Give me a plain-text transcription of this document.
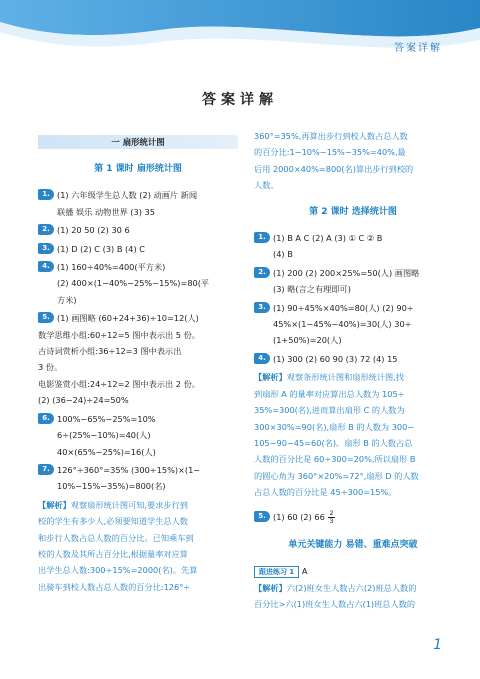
答案详解
答案详解
一 扇形统计图
第 1 课时 扇形统计图
1. (1) 六年级学生总人数 (2) 动画片 新闻
联播 娱乐 动物世界 (3) 35
2. (1) 20 50 (2) 30 6
3. (1) D (2) C (3) B (4) C
4. (1) 160÷40%=400(平方米)
(2) 400×(1−40%−25%−15%)=80(平
方米)
5. (1) 画图略 (60+24+36)÷10=12(人)
数学思维小组:60÷12=5 图中表示出 5 份。
古诗词赏析小组:36÷12=3 图中表示出
3 份。
电影鉴赏小组:24÷12=2 图中表示出 2 份。
(2) (36−24)÷24=50%
6. 100%−65%−25%=10%
6÷(25%−10%)=40(人)
40×(65%−25%)=16(人)
7. 126°÷360°=35% (300÷15%)×(1−
10%−15%−35%)=800(名)
【解析】观察扇形统计图可知,要求步行到
校的学生有多少人,必须要知道学生总人数
和步行人数占总人数的百分比。已知乘车到
校的人数及其所占百分比,根据量率对应算
出学生总人数:300÷15%=2000(名)。先算
出骑车到校人数占总人数的百分比:126°÷
360°=35%,再算出步行到校人数占总人数
的百分比:1−10%−15%−35%=40%,最
后用 2000×40%=800(名)算出步行到校的
人数。
第 2 课时 选择统计图
1. (1) B A C (2) A (3) ① C ② B
(4) B
2. (1) 200 (2) 200×25%=50(人) 画图略
(3) 略(言之有理即可)
3. (1) 90÷45%×40%=80(人) (2) 90÷
45%×(1−45%−40%)=30(人) 30÷
(1+50%)=20(人)
4. (1) 300 (2) 60 90 (3) 72 (4) 15
【解析】观察条形统计图和扇形统计图,找
到扇形 A 的量率对应算出总人数为 105÷
35%=300(名),进而算出扇形 C 的人数为
300×30%=90(名),扇形 B 的人数为 300−
105−90−45=60(名)。扇形 B 的人数占总
人数的百分比是 60÷300=20%,所以扇形 B
的圆心角为 360°×20%=72°,扇形 D 的人数
占总人数的百分比是 45÷300=15%。
5. (1) 60 (2) $66 \frac{2}{3}$
单元关键能力 易错、重难点突破
跟进练习 1 A
【解析】六(2)班女生人数占六(2)班总人数的
百分比>六(1)班女生人数占六(1)班总人数的
1
